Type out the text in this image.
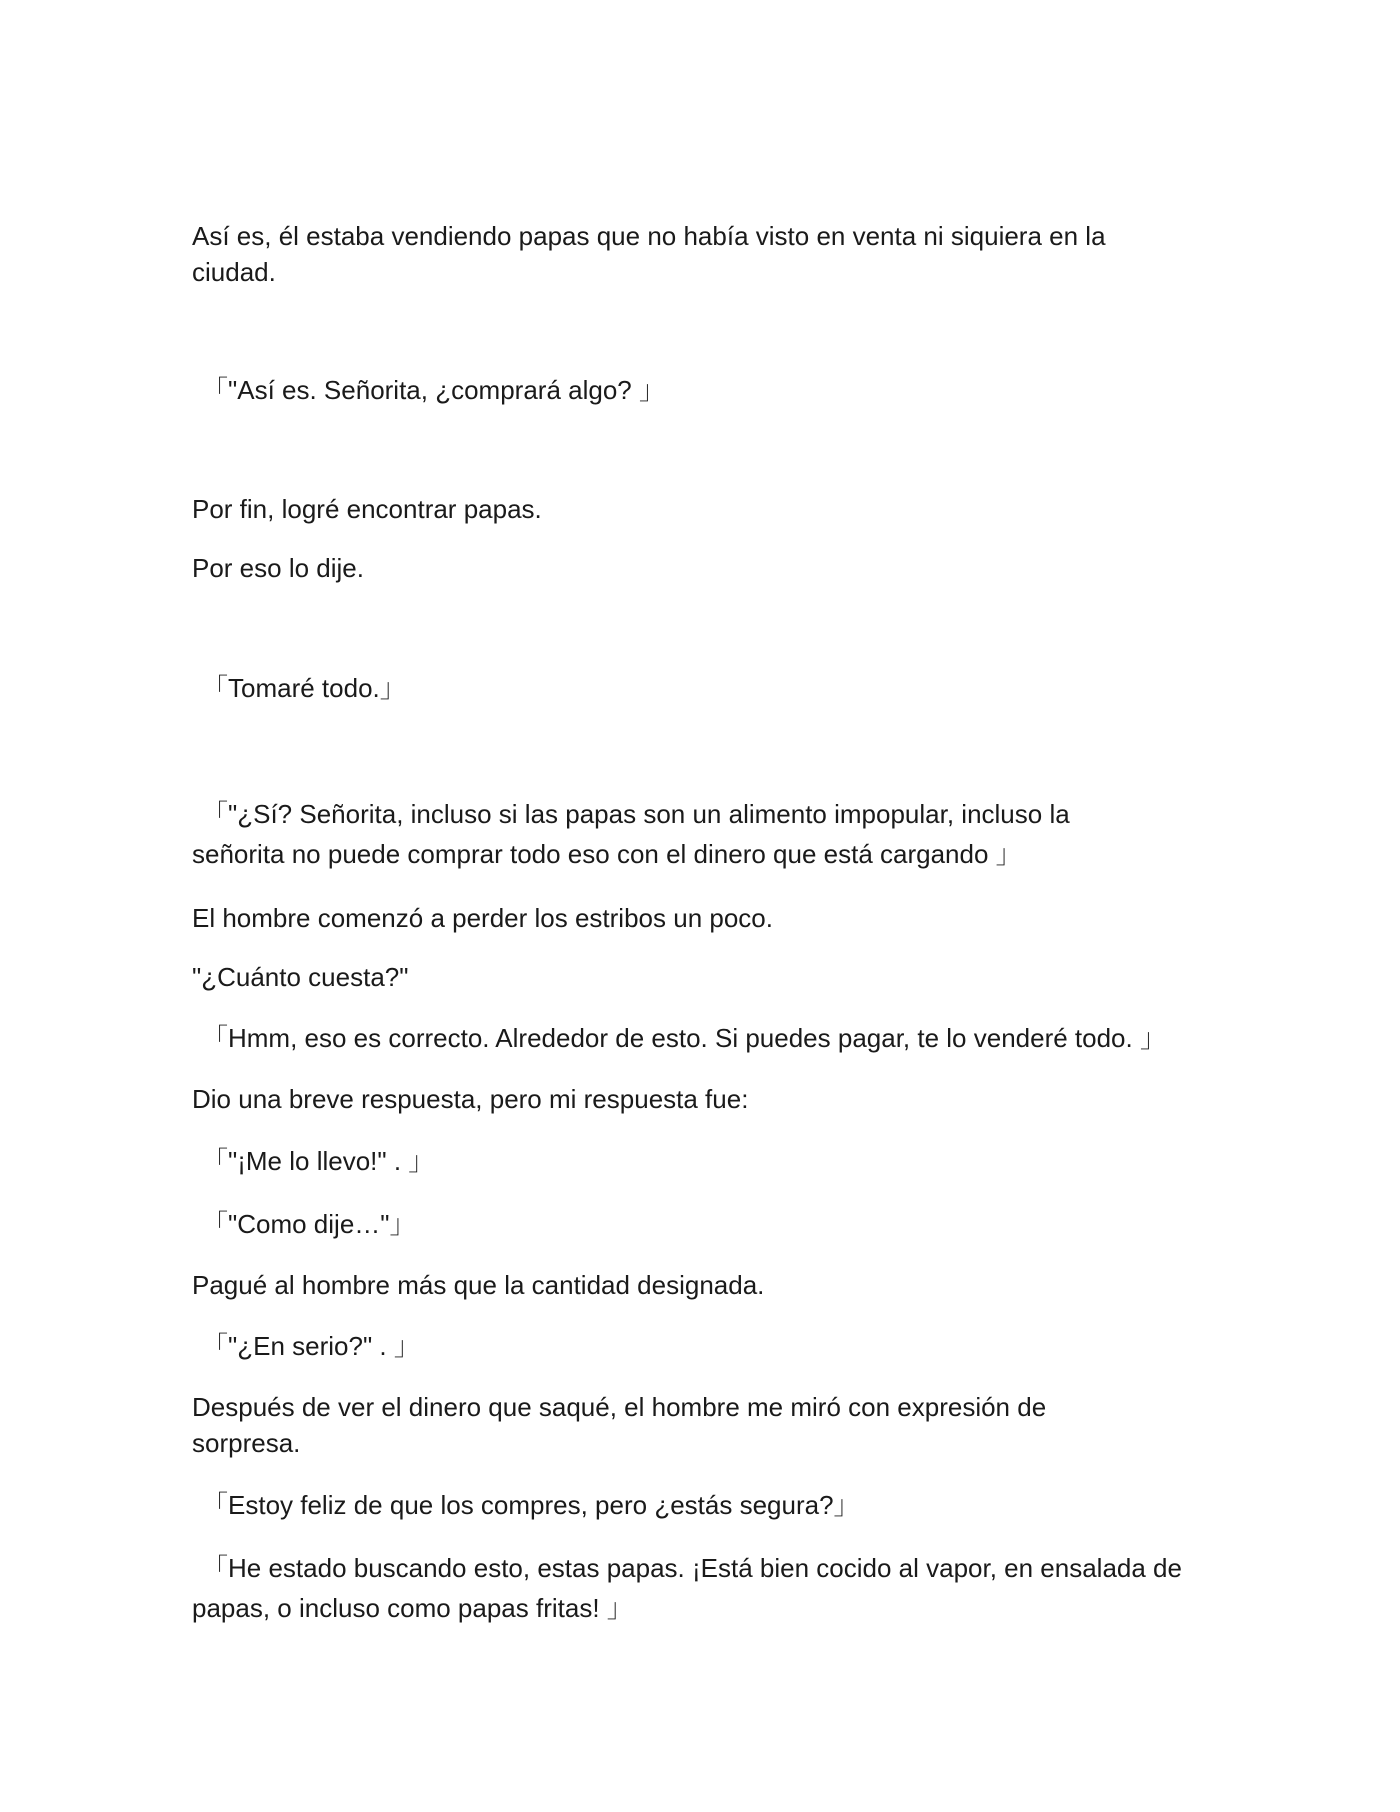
Así es, él estaba vendiendo papas que no había visto en venta ni siquiera en la ciudad.

「"Así es. Señorita, ¿comprará algo? 」

Por fin, logré encontrar papas.

Por eso lo dije.

「Tomaré todo.」

「"¿Sí? Señorita, incluso si las papas son un alimento impopular, incluso la señorita no puede comprar todo eso con el dinero que está cargando 」

El hombre comenzó a perder los estribos un poco.

"¿Cuánto cuesta?"

「Hmm, eso es correcto. Alrededor de esto. Si puedes pagar, te lo venderé todo. 」

Dio una breve respuesta, pero mi respuesta fue:

「"¡Me lo llevo!" . 」

「"Como dije…"」

Pagué al hombre más que la cantidad designada.

「"¿En serio?" . 」

Después de ver el dinero que saqué, el hombre me miró con expresión de sorpresa.

「Estoy feliz de que los compres, pero ¿estás segura?」

「He estado buscando esto, estas papas. ¡Está bien cocido al vapor, en ensalada de papas, o incluso como papas fritas! 」
